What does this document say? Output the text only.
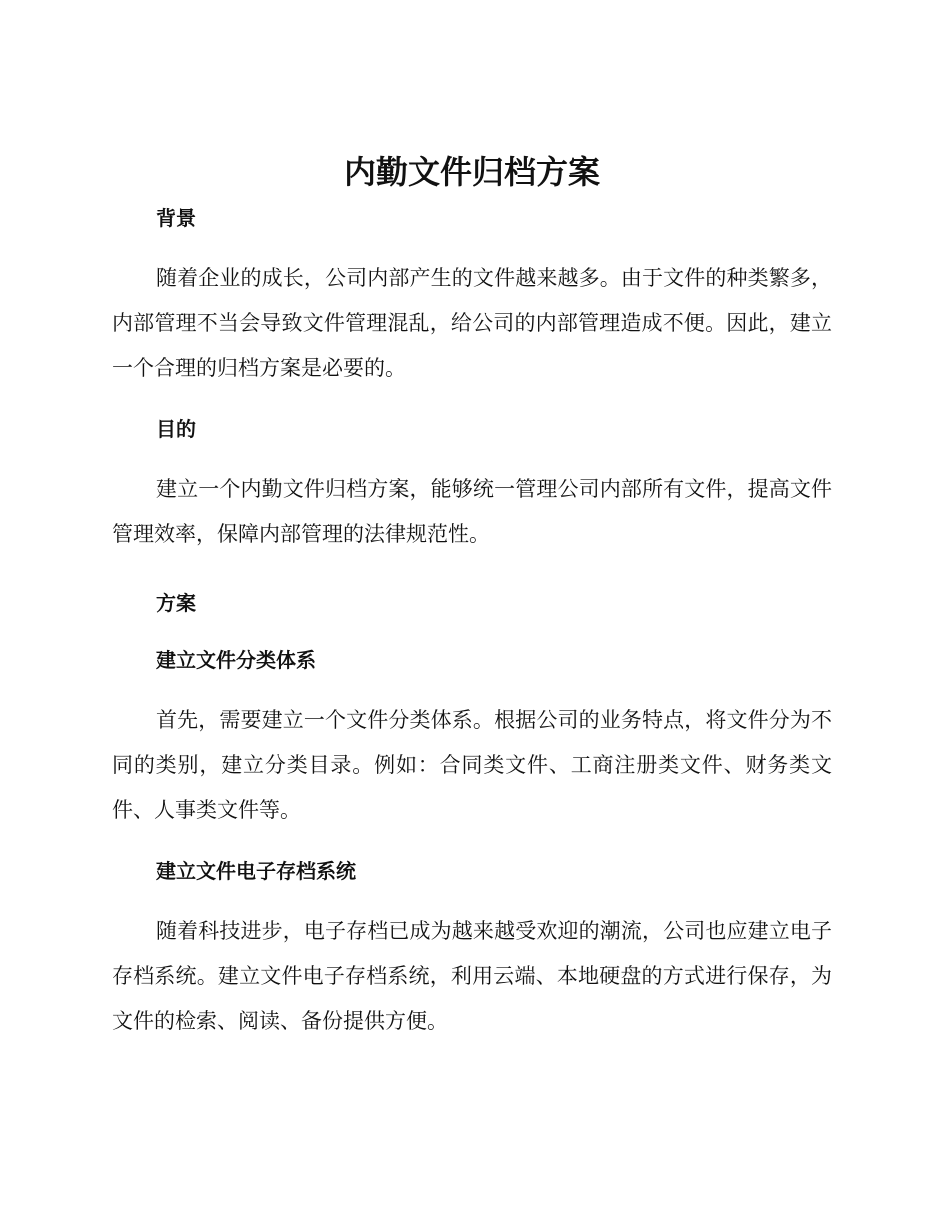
内勤文件归档方案
背景

随着企业的成长，公司内部产生的文件越来越多。由于文件的种类繁多，内部管理不当会导致文件管理混乱，给公司的内部管理造成不便。因此，建立一个合理的归档方案是必要的。

目的

建立一个内勤文件归档方案，能够统一管理公司内部所有文件，提高文件管理效率，保障内部管理的法律规范性。

方案
建立文件分类体系

首先，需要建立一个文件分类体系。根据公司的业务特点，将文件分为不同的类别，建立分类目录。例如：合同类文件、工商注册类文件、财务类文件、人事类文件等。

建立文件电子存档系统

随着科技进步，电子存档已成为越来越受欢迎的潮流，公司也应建立电子存档系统。建立文件电子存档系统，利用云端、本地硬盘的方式进行保存，为文件的检索、阅读、备份提供方便。
